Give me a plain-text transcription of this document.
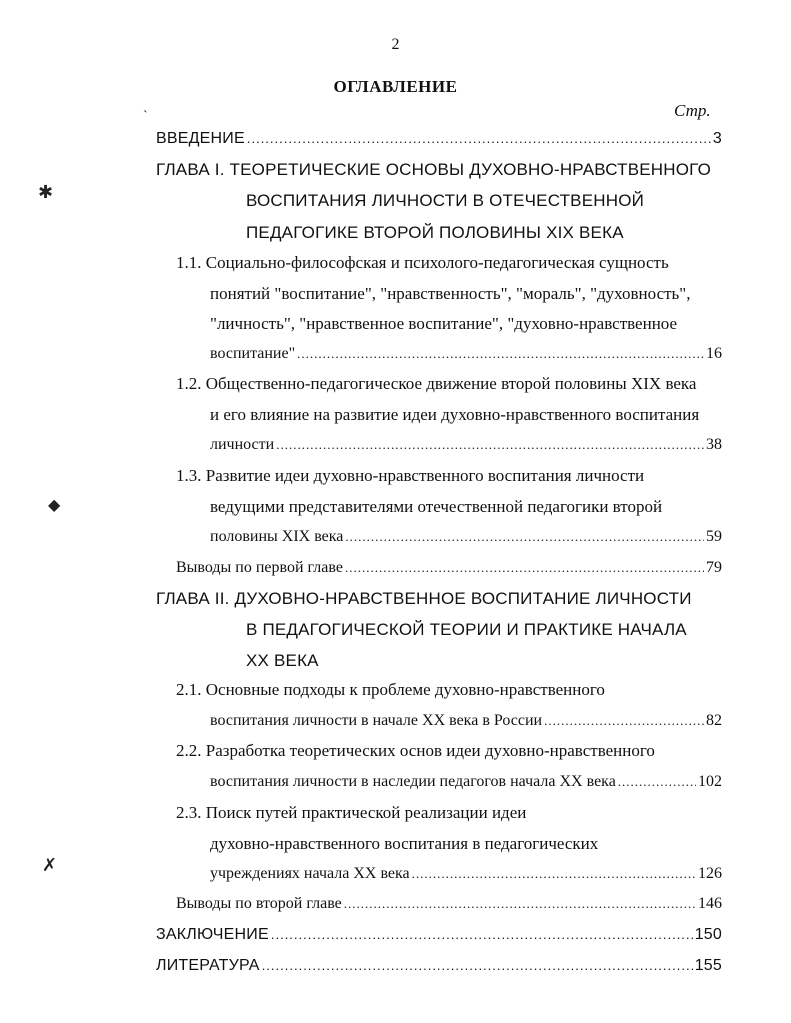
2
ОГЛАВЛЕНИЕ
Стр.
ˋ
✱
◆
✗
ВВЕДЕНИЕ .....	3
ГЛАВА I. ТЕОРЕТИЧЕСКИЕ ОСНОВЫ ДУХОВНО-НРАВСТВЕННОГО
ВОСПИТАНИЯ ЛИЧНОСТИ В ОТЕЧЕСТВЕННОЙ
ПЕДАГОГИКЕ ВТОРОЙ ПОЛОВИНЫ XIX ВЕКА
1.1. Социально-философская и психолого-педагогическая сущность
понятий "воспитание", "нравственность", "мораль", "духовность",
"личность", "нравственное воспитание", "духовно-нравственное
воспитание" .....	16
1.2. Общественно-педагогическое движение второй половины XIX века
и его влияние на развитие идеи духовно-нравственного воспитания
личности .....	38
1.3. Развитие идеи духовно-нравственного воспитания личности
ведущими представителями отечественной педагогики второй
половины XIX века .....	59
Выводы по первой главе .....	79
ГЛАВА II. ДУХОВНО-НРАВСТВЕННОЕ ВОСПИТАНИЕ ЛИЧНОСТИ
В ПЕДАГОГИЧЕСКОЙ ТЕОРИИ И ПРАКТИКЕ НАЧАЛА
XX ВЕКА
2.1. Основные подходы к проблеме духовно-нравственного
воспитания личности в начале XX века в России .....	82
2.2. Разработка теоретических основ идеи духовно-нравственного
воспитания личности в наследии педагогов начала XX века .....	102
2.3. Поиск путей практической реализации идеи
духовно-нравственного воспитания в педагогических
учреждениях начала XX века .....	126
Выводы по второй главе .....	146
ЗАКЛЮЧЕНИЕ .....	150
ЛИТЕРАТУРА .....	155
